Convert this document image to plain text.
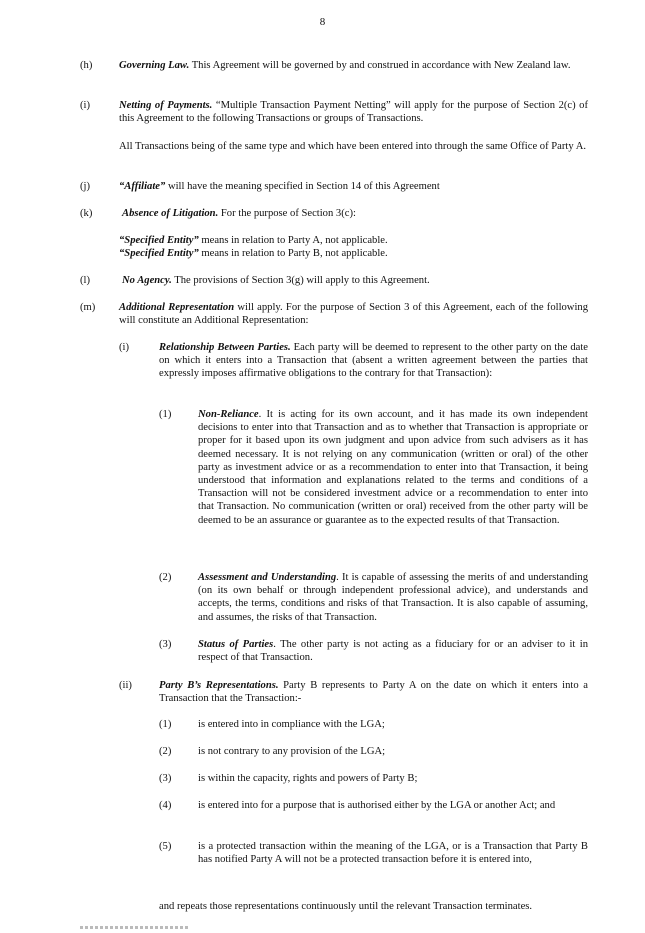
8
(h)	Governing Law. This Agreement will be governed by and construed in accordance with New Zealand law.
(i)	Netting of Payments. “Multiple Transaction Payment Netting” will apply for the purpose of Section 2(c) of this Agreement to the following Transactions or groups of Transactions.
All Transactions being of the same type and which have been entered into through the same Office of Party A.
(j)	“Affiliate” will have the meaning specified in Section 14 of this Agreement
(k)	Absence of Litigation. For the purpose of Section 3(c):
“Specified Entity” means in relation to Party A, not applicable.
“Specified Entity” means in relation to Party B, not applicable.
(l)	No Agency. The provisions of Section 3(g) will apply to this Agreement.
(m) Additional Representation will apply. For the purpose of Section 3 of this Agreement, each of the following will constitute an Additional Representation:
(i)	Relationship Between Parties. Each party will be deemed to represent to the other party on the date on which it enters into a Transaction that (absent a written agreement between the parties that expressly imposes affirmative obligations to the contrary for that Transaction):
(1)	Non-Reliance. It is acting for its own account, and it has made its own independent decisions to enter into that Transaction and as to whether that Transaction is appropriate or proper for it based upon its own judgment and upon advice from such advisers as it has deemed necessary. It is not relying on any communication (written or oral) of the other party as investment advice or as a recommendation to enter into that Transaction, it being understood that information and explanations related to the terms and conditions of a Transaction will not be considered investment advice or a recommendation to enter into that Transaction. No communication (written or oral) received from the other party will be deemed to be an assurance or guarantee as to the expected results of that Transaction.
(2)	Assessment and Understanding. It is capable of assessing the merits of and understanding (on its own behalf or through independent professional advice), and understands and accepts, the terms, conditions and risks of that Transaction. It is also capable of assuming, and assumes, the risks of that Transaction.
(3)	Status of Parties. The other party is not acting as a fiduciary for or an adviser to it in respect of that Transaction.
(ii)	Party B’s Representations. Party B represents to Party A on the date on which it enters into a Transaction that the Transaction:-
(1)	is entered into in compliance with the LGA;
(2)	is not contrary to any provision of the LGA;
(3)	is within the capacity, rights and powers of Party B;
(4)	is entered into for a purpose that is authorised either by the LGA or another Act; and
(5)	is a protected transaction within the meaning of the LGA, or is a Transaction that Party B has notified Party A will not be a protected transaction before it is entered into,
and repeats those representations continuously until the relevant Transaction terminates.
